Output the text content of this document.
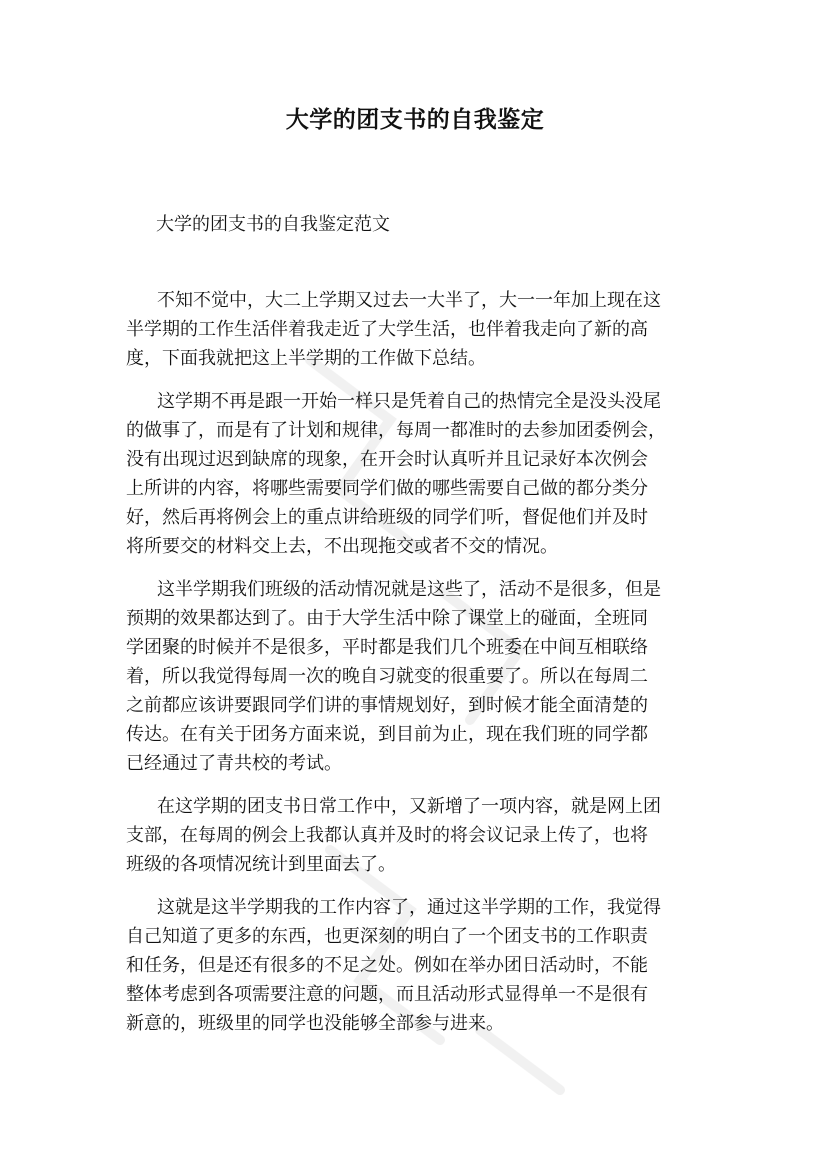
大学的团支书的自我鉴定

大学的团支书的自我鉴定范文

不知不觉中，大二上学期又过去一大半了，大一一年加上现在这
半学期的工作生活伴着我走近了大学生活，也伴着我走向了新的高
度，下面我就把这上半学期的工作做下总结。
这学期不再是跟一开始一样只是凭着自己的热情完全是没头没尾
的做事了，而是有了计划和规律，每周一都准时的去参加团委例会，
没有出现过迟到缺席的现象，在开会时认真听并且记录好本次例会
上所讲的内容，将哪些需要同学们做的哪些需要自己做的都分类分
好，然后再将例会上的重点讲给班级的同学们听，督促他们并及时
将所要交的材料交上去，不出现拖交或者不交的情况。
这半学期我们班级的活动情况就是这些了，活动不是很多，但是
预期的效果都达到了。由于大学生活中除了课堂上的碰面，全班同
学团聚的时候并不是很多，平时都是我们几个班委在中间互相联络
着，所以我觉得每周一次的晚自习就变的很重要了。所以在每周二
之前都应该讲要跟同学们讲的事情规划好，到时候才能全面清楚的
传达。在有关于团务方面来说，到目前为止，现在我们班的同学都
已经通过了青共校的考试。
在这学期的团支书日常工作中，又新增了一项内容，就是网上团
支部，在每周的例会上我都认真并及时的将会议记录上传了，也将
班级的各项情况统计到里面去了。
这就是这半学期我的工作内容了，通过这半学期的工作，我觉得
自己知道了更多的东西，也更深刻的明白了一个团支书的工作职责
和任务，但是还有很多的不足之处。例如在举办团日活动时，不能
整体考虑到各项需要注意的问题，而且活动形式显得单一不是很有
新意的，班级里的同学也没能够全部参与进来。
